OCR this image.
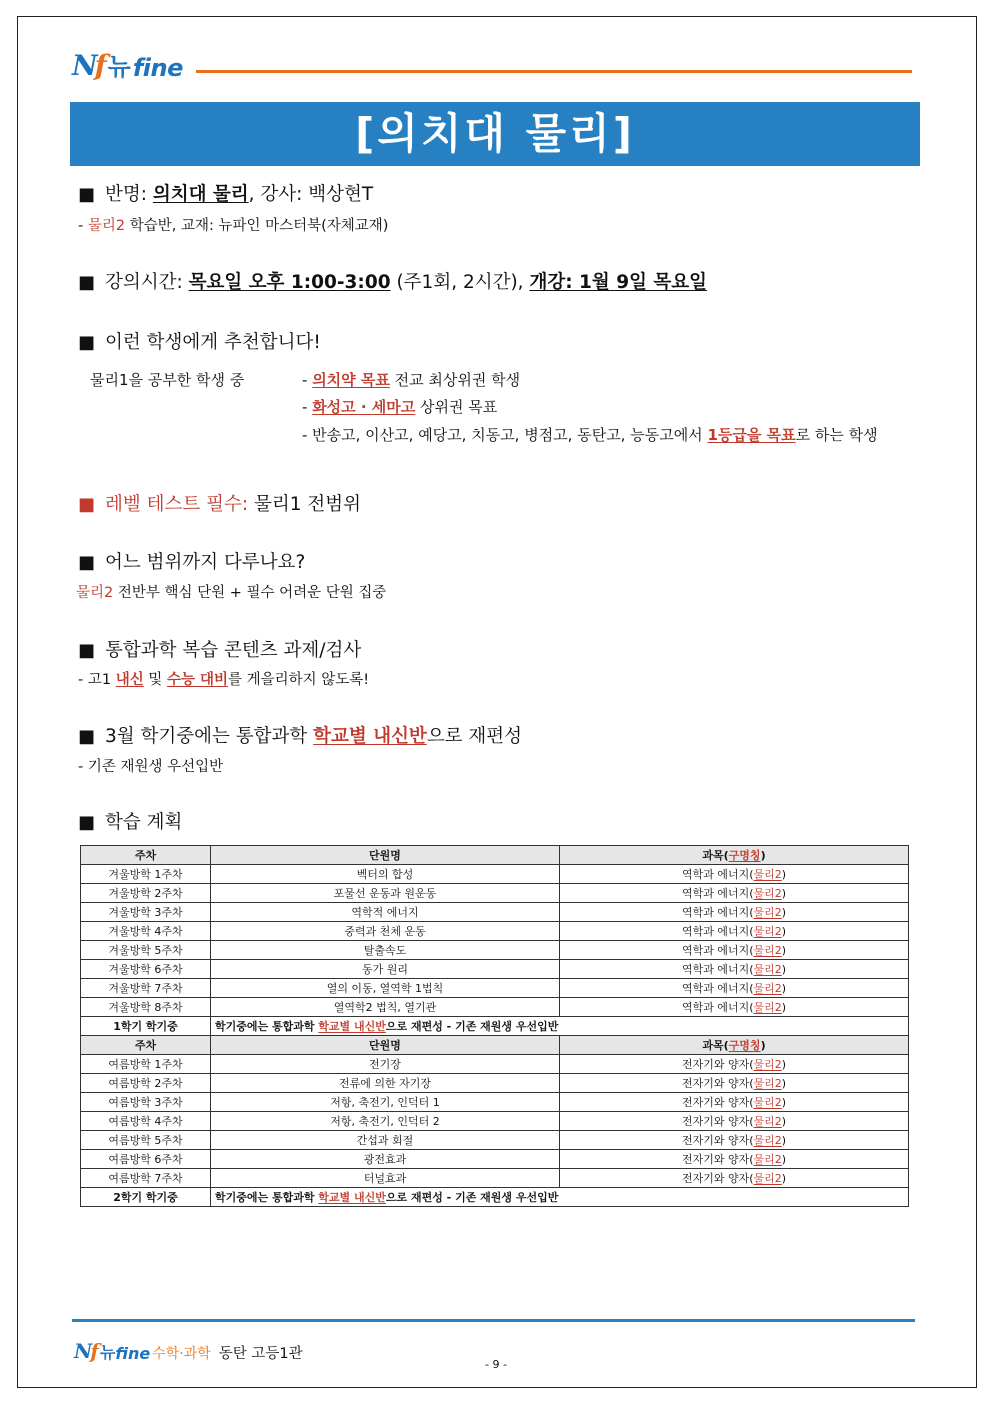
Nf 뉴 fine
[의치대 물리]
■ 반명: 의치대 물리, 강사: 백상현T
- 물리2 학습반, 교재: 뉴파인 마스터북(자체교재)
■ 강의시간: 목요일 오후 1:00-3:00 (주1회, 2시간), 개강: 1월 9일 목요일
■ 이런 학생에게 추천합니다!
물리1을 공부한 학생 중	- 의치약 목표 전교 최상위권 학생
- 화성고 · 세마고 상위권 목표
- 반송고, 이산고, 예당고, 치동고, 병점고, 동탄고, 능동고에서 1등급을 목표로 하는 학생
■ 레벨 테스트 필수: 물리1 전범위
■ 어느 범위까지 다루나요?
물리2 전반부 핵심 단원 + 필수 어려운 단원 집중
■ 통합과학 복습 콘텐츠 과제/검사
- 고1 내신 및 수능 대비를 게을리하지 않도록!
■ 3월 학기중에는 통합과학 학교별 내신반으로 재편성
- 기존 재원생 우선입반
■ 학습 계획
주차	단원명	과목(구명칭)
겨울방학 1주차	벡터의 합성	역학과 에너지(물리2)
겨울방학 2주차	포물선 운동과 원운동	역학과 에너지(물리2)
겨울방학 3주차	역학적 에너지	역학과 에너지(물리2)
겨울방학 4주차	중력과 천체 운동	역학과 에너지(물리2)
겨울방학 5주차	탈출속도	역학과 에너지(물리2)
겨울방학 6주차	동가 원리	역학과 에너지(물리2)
겨울방학 7주차	열의 이동, 열역학 1법칙	역학과 에너지(물리2)
겨울방학 8주차	열역학2 법칙, 열기관	역학과 에너지(물리2)
1학기 학기중	학기중에는 통합과학 학교별 내신반으로 재편성 - 기존 재원생 우선입반	
주차	단원명	과목(구명칭)
여름방학 1주차	전기장	전자기와 양자(물리2)
여름방학 2주차	전류에 의한 자기장	전자기와 양자(물리2)
여름방학 3주차	저항, 축전기, 인덕터 1	전자기와 양자(물리2)
여름방학 4주차	저항, 축전기, 인덕터 2	전자기와 양자(물리2)
여름방학 5주차	간섭과 회절	전자기와 양자(물리2)
여름방학 6주차	광전효과	전자기와 양자(물리2)
여름방학 7주차	터널효과	전자기와 양자(물리2)
2학기 학기중	학기중에는 통합과학 학교별 내신반으로 재편성 - 기존 재원생 우선입반	
Nf 뉴 fine 수학·과학 동탄 고등1관
- 9 -
